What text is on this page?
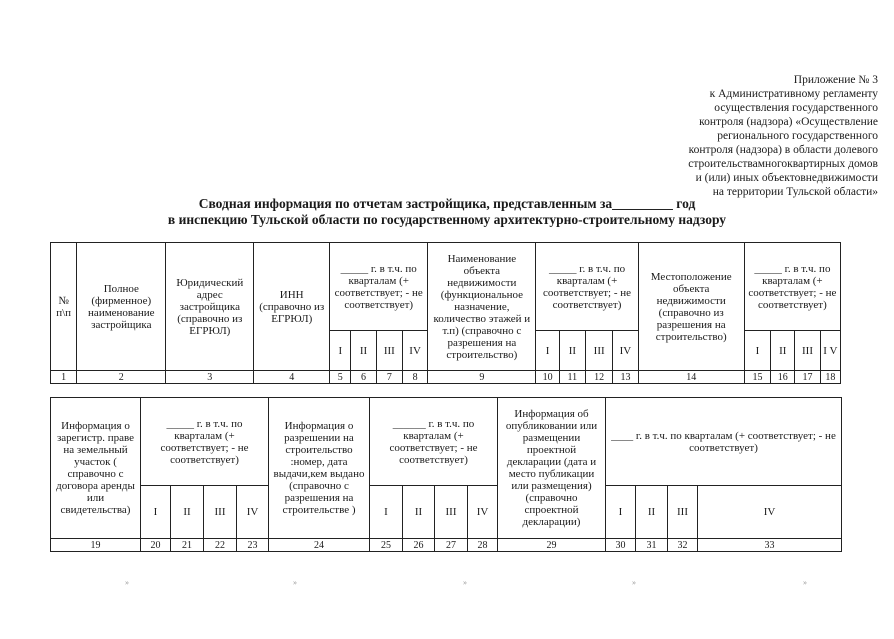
Приложение № 3
к Административному регламенту
осуществления государственного
контроля (надзора) «Осуществление
регионального государственного
контроля (надзора) в области долевого
строительствамногоквартирных домов
и (или) иных объектовнедвижимости
на территории Тульской области»
Сводная информация по отчетам застройщика, представленным за_________ год
в инспекцию Тульской области по государственному архитектурно-строительному надзору
№ п\п	Полное (фирменное) наименование застройщика	Юридический адрес застройщика (справочно из ЕГРЮЛ)	ИНН (справочно из ЕГРЮЛ)	_____ г. в т.ч. по кварталам (+ соответствует; - не соответствует)				Наименование объекта недвижимости (функциональное назначение, количество этажей и т.п) (справочно с разрешения на строительство)	_____ г. в т.ч. по кварталам (+ соответствует; - не соответствует)				Местоположение объекта недвижимости (справочно из разрешения на строительство)	_____ г. в т.ч. по кварталам (+ соответствует; - не соответствует)			
				I	II	III	IV		I	II	III	IV		I	II	III	I V
1	2	3	4	5	6	7	8	9	10	11	12	13	14	15	16	17	18
Информация о зарегистр. праве на земельный участок ( справочно с договора аренды или свидетельства)	_____ г. в т.ч. по кварталам (+ соответствует; - не соответствует)				Информация о разрешении на строительство :номер, дата выдачи,кем выдано (справочно с разрешения на строительстве )	______ г. в т.ч. по кварталам (+ соответствует; - не соответствует)				Информация об опубликовании или размещении проектной декларации (дата и место публикации или размещения) (справочно спроектной декларации)	____ г. в т.ч. по кварталам (+ соответствует; - не соответствует)			
	I	II	III	IV		I	II	III	IV		I	II	III	IV
19	20	21	22	23	24	25	26	27	28	29	30	31	32	33
»	»	»	»	»
